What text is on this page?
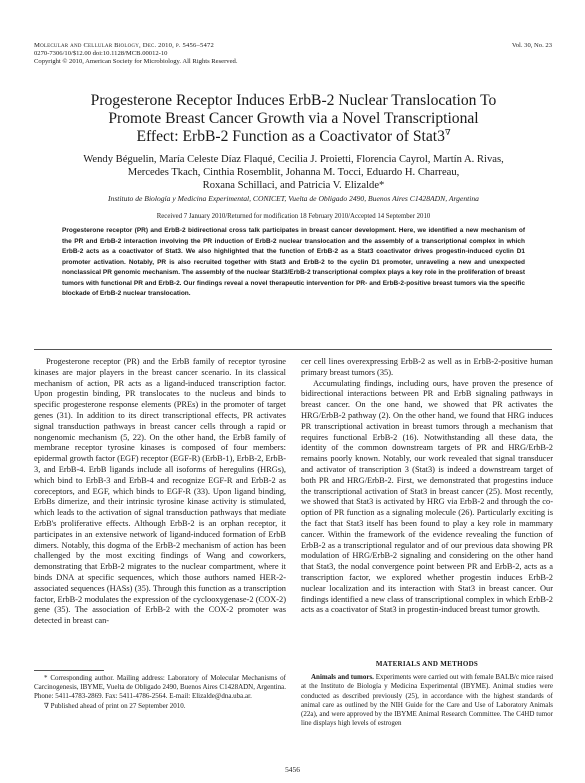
Molecular and Cellular Biology, Dec. 2010, p. 5456–5472	Vol. 30, No. 23
0270-7306/10/$12.00 doi:10.1128/MCB.00012-10
Copyright © 2010, American Society for Microbiology. All Rights Reserved.
Progesterone Receptor Induces ErbB-2 Nuclear Translocation To
Promote Breast Cancer Growth via a Novel Transcriptional
Effect: ErbB-2 Function as a Coactivator of Stat3∇
Wendy Béguelin, María Celeste Díaz Flaqué, Cecilia J. Proietti, Florencia Cayrol, Martín A. Rivas,
Mercedes Tkach, Cinthia Rosemblit, Johanna M. Tocci, Eduardo H. Charreau,
Roxana Schillaci, and Patricia V. Elizalde*
Instituto de Biología y Medicina Experimental, CONICET, Vuelta de Obligado 2490, Buenos Aires C1428ADN, Argentina
Received 7 January 2010/Returned for modification 18 February 2010/Accepted 14 September 2010
Progesterone receptor (PR) and ErbB-2 bidirectional cross talk participates in breast cancer development. Here, we identified a new mechanism of the PR and ErbB-2 interaction involving the PR induction of ErbB-2 nuclear translocation and the assembly of a transcriptional complex in which ErbB-2 acts as a coactivator of Stat3. We also highlighted that the function of ErbB-2 as a Stat3 coactivator drives progestin-induced cyclin D1 promoter activation. Notably, PR is also recruited together with Stat3 and ErbB-2 to the cyclin D1 promoter, unraveling a new and unexpected nonclassical PR genomic mechanism. The assembly of the nuclear Stat3/ErbB-2 transcriptional complex plays a key role in the proliferation of breast tumors with functional PR and ErbB-2. Our findings reveal a novel therapeutic intervention for PR- and ErbB-2-positive breast tumors via the specific blockade of ErbB-2 nuclear translocation.

Progesterone receptor (PR) and the ErbB family of receptor tyrosine kinases are major players in the breast cancer scenario. In its classical mechanism of action, PR acts as a ligand-induced transcription factor. Upon progestin binding, PR translocates to the nucleus and binds to specific progesterone response elements (PREs) in the promoter of target genes (31). In addition to its direct transcriptional effects, PR activates signal transduction pathways in breast cancer cells through a rapid or nongenomic mechanism (5, 22). On the other hand, the ErbB family of membrane receptor tyrosine kinases is composed of four members: epidermal growth factor (EGF) receptor (EGF-R) (ErbB-1), ErbB-2, ErbB-3, and ErbB-4. ErbB ligands include all isoforms of heregulins (HRGs), which bind to ErbB-3 and ErbB-4 and recognize EGF-R and ErbB-2 as coreceptors, and EGF, which binds to EGF-R (33). Upon ligand binding, ErbBs dimerize, and their intrinsic tyrosine kinase activity is stimulated, which leads to the activation of signal transduction pathways that mediate ErbB's proliferative effects. Although ErbB-2 is an orphan receptor, it participates in an extensive network of ligand-induced formation of ErbB dimers. Notably, this dogma of the ErbB-2 mechanism of action has been challenged by the most exciting findings of Wang and coworkers, demonstrating that ErbB-2 migrates to the nuclear compartment, where it binds DNA at specific sequences, which those authors named HER-2-associated sequences (HASs) (35). Through this function as a transcription factor, ErbB-2 modulates the expression of the cyclooxygenase-2 (COX-2) gene (35). The association of ErbB-2 with the COX-2 promoter was detected in breast can-

cer cell lines overexpressing ErbB-2 as well as in ErbB-2-positive human primary breast tumors (35).

Accumulating findings, including ours, have proven the presence of bidirectional interactions between PR and ErbB signaling pathways in breast cancer. On the one hand, we showed that PR activates the HRG/ErbB-2 pathway (2). On the other hand, we found that HRG induces PR transcriptional activation in breast tumors through a mechanism that requires functional ErbB-2 (16). Notwithstanding all these data, the identity of the common downstream targets of PR and HRG/ErbB-2 remains poorly known. Notably, our work revealed that signal transducer and activator of transcription 3 (Stat3) is indeed a downstream target of both PR and HRG/ErbB-2. First, we demonstrated that progestins induce the transcriptional activation of Stat3 in breast cancer (25). Most recently, we showed that Stat3 is activated by HRG via ErbB-2 and through the co-option of PR function as a signaling molecule (26). Particularly exciting is the fact that Stat3 itself has been found to play a key role in mammary cancer. Within the framework of the evidence revealing the function of ErbB-2 as a transcriptional regulator and of our previous data showing PR modulation of HRG/ErbB-2 signaling and considering on the other hand that Stat3, the nodal convergence point between PR and ErbB-2, acts as a transcription factor, we explored whether progestin induces ErbB-2 nuclear localization and its interaction with Stat3 in breast cancer. Our findings identified a new class of transcriptional complex in which ErbB-2 acts as a coactivator of Stat3 in progestin-induced breast tumor growth.

* Corresponding author. Mailing address: Laboratory of Molecular Mechanisms of Carcinogenesis, IBYME, Vuelta de Obligado 2490, Buenos Aires C1428ADN, Argentina. Phone: 5411-4783-2869. Fax: 5411-4786-2564. E-mail: Elizalde@dna.uba.ar.

∇ Published ahead of print on 27 September 2010.

MATERIALS AND METHODS

Animals and tumors. Experiments were carried out with female BALB/c mice raised at the Instituto de Biología y Medicina Experimental (IBYME). Animal studies were conducted as described previously (25), in accordance with the highest standards of animal care as outlined by the NIH Guide for the Care and Use of Laboratory Animals (22a), and were approved by the IBYME Animal Research Committee. The C4HD tumor line displays high levels of estrogen

5456
